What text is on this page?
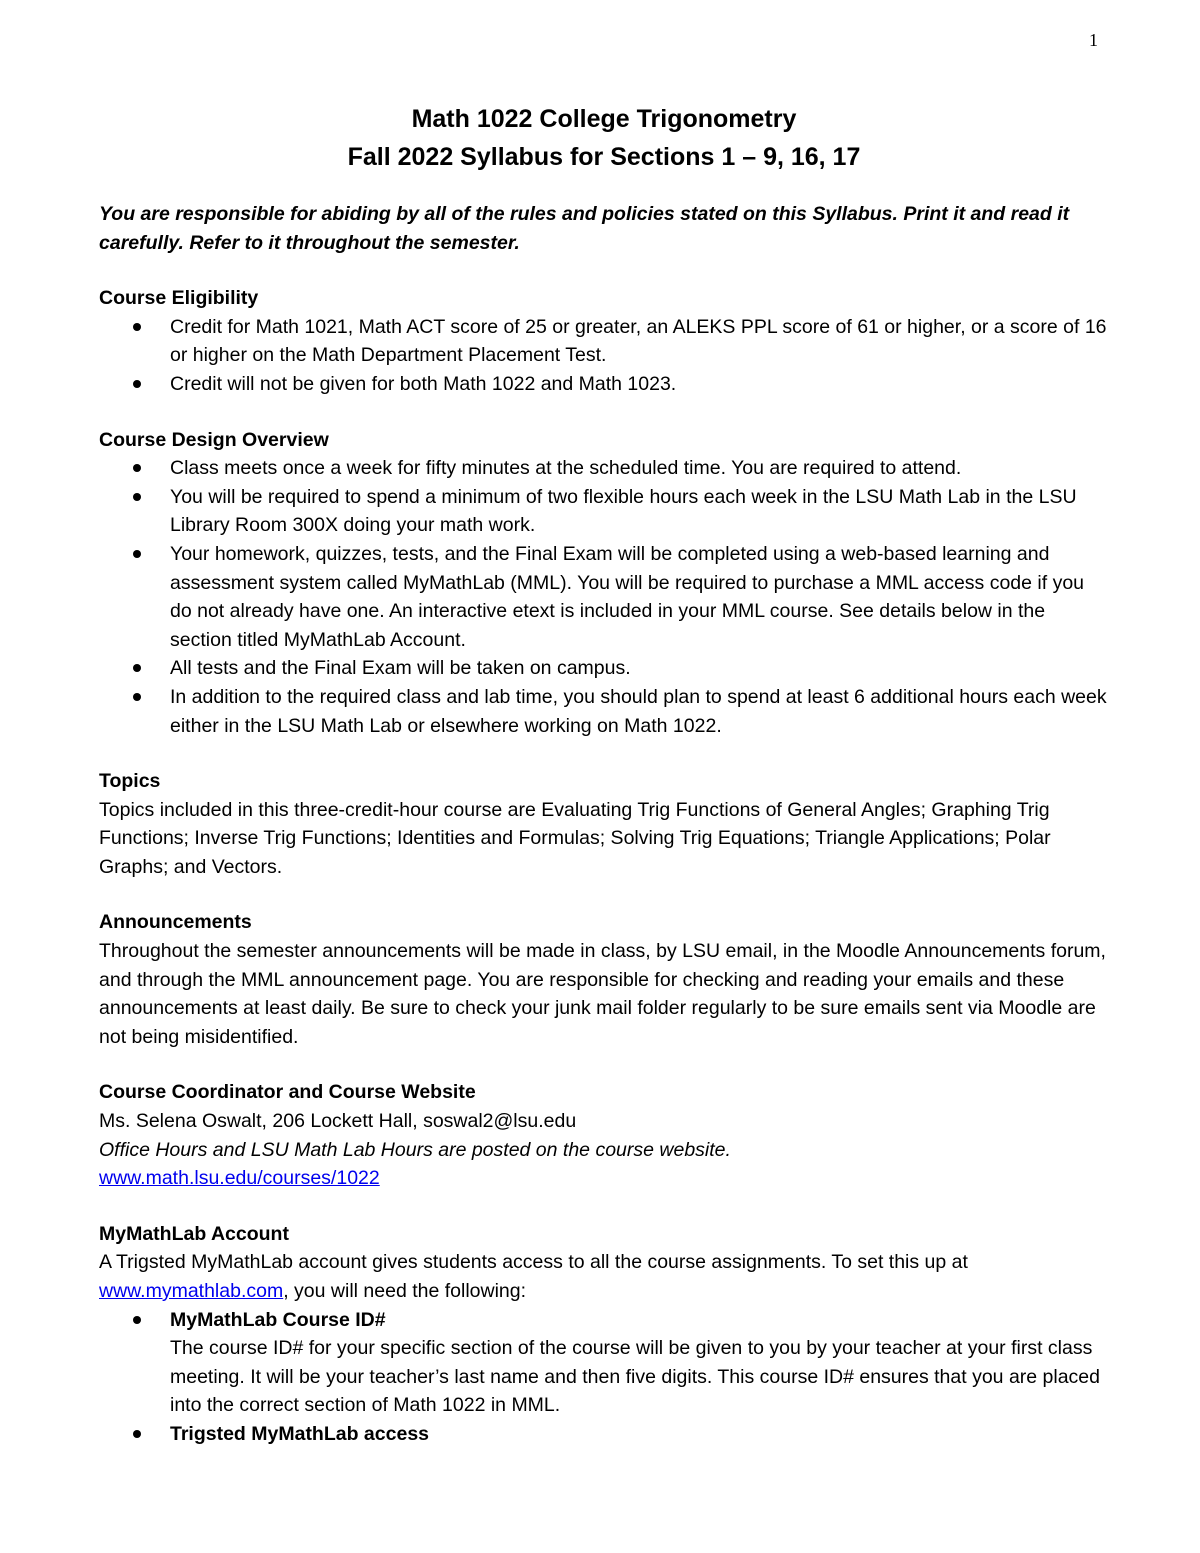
1

Math 1022 College Trigonometry

Fall 2022 Syllabus for Sections 1 – 9, 16, 17

You are responsible for abiding by all of the rules and policies stated on this Syllabus. Print it and read it carefully. Refer to it throughout the semester.

Course Eligibility

Credit for Math 1021, Math ACT score of 25 or greater, an ALEKS PPL score of 61 or higher, or a score of 16 or higher on the Math Department Placement Test.
Credit will not be given for both Math 1022 and Math 1023.

Course Design Overview

Class meets once a week for fifty minutes at the scheduled time. You are required to attend.
You will be required to spend a minimum of two flexible hours each week in the LSU Math Lab in the LSU Library Room 300X doing your math work.
Your homework, quizzes, tests, and the Final Exam will be completed using a web-based learning and assessment system called MyMathLab (MML). You will be required to purchase a MML access code if you do not already have one. An interactive etext is included in your MML course. See details below in the section titled MyMathLab Account.
All tests and the Final Exam will be taken on campus.
In addition to the required class and lab time, you should plan to spend at least 6 additional hours each week either in the LSU Math Lab or elsewhere working on Math 1022.

Topics

Topics included in this three-credit-hour course are Evaluating Trig Functions of General Angles; Graphing Trig Functions; Inverse Trig Functions; Identities and Formulas; Solving Trig Equations; Triangle Applications; Polar Graphs; and Vectors.

Announcements

Throughout the semester announcements will be made in class, by LSU email, in the Moodle Announcements forum, and through the MML announcement page. You are responsible for checking and reading your emails and these announcements at least daily. Be sure to check your junk mail folder regularly to be sure emails sent via Moodle are not being misidentified.

Course Coordinator and Course Website

Ms. Selena Oswalt, 206 Lockett Hall, soswal2@lsu.edu

Office Hours and LSU Math Lab Hours are posted on the course website.

www.math.lsu.edu/courses/1022

MyMathLab Account

A Trigsted MyMathLab account gives students access to all the course assignments. To set this up at www.mymathlab.com, you will need the following:

MyMathLab Course ID#
The course ID# for your specific section of the course will be given to you by your teacher at your first class meeting. It will be your teacher’s last name and then five digits. This course ID# ensures that you are placed into the correct section of Math 1022 in MML.
Trigsted MyMathLab access
